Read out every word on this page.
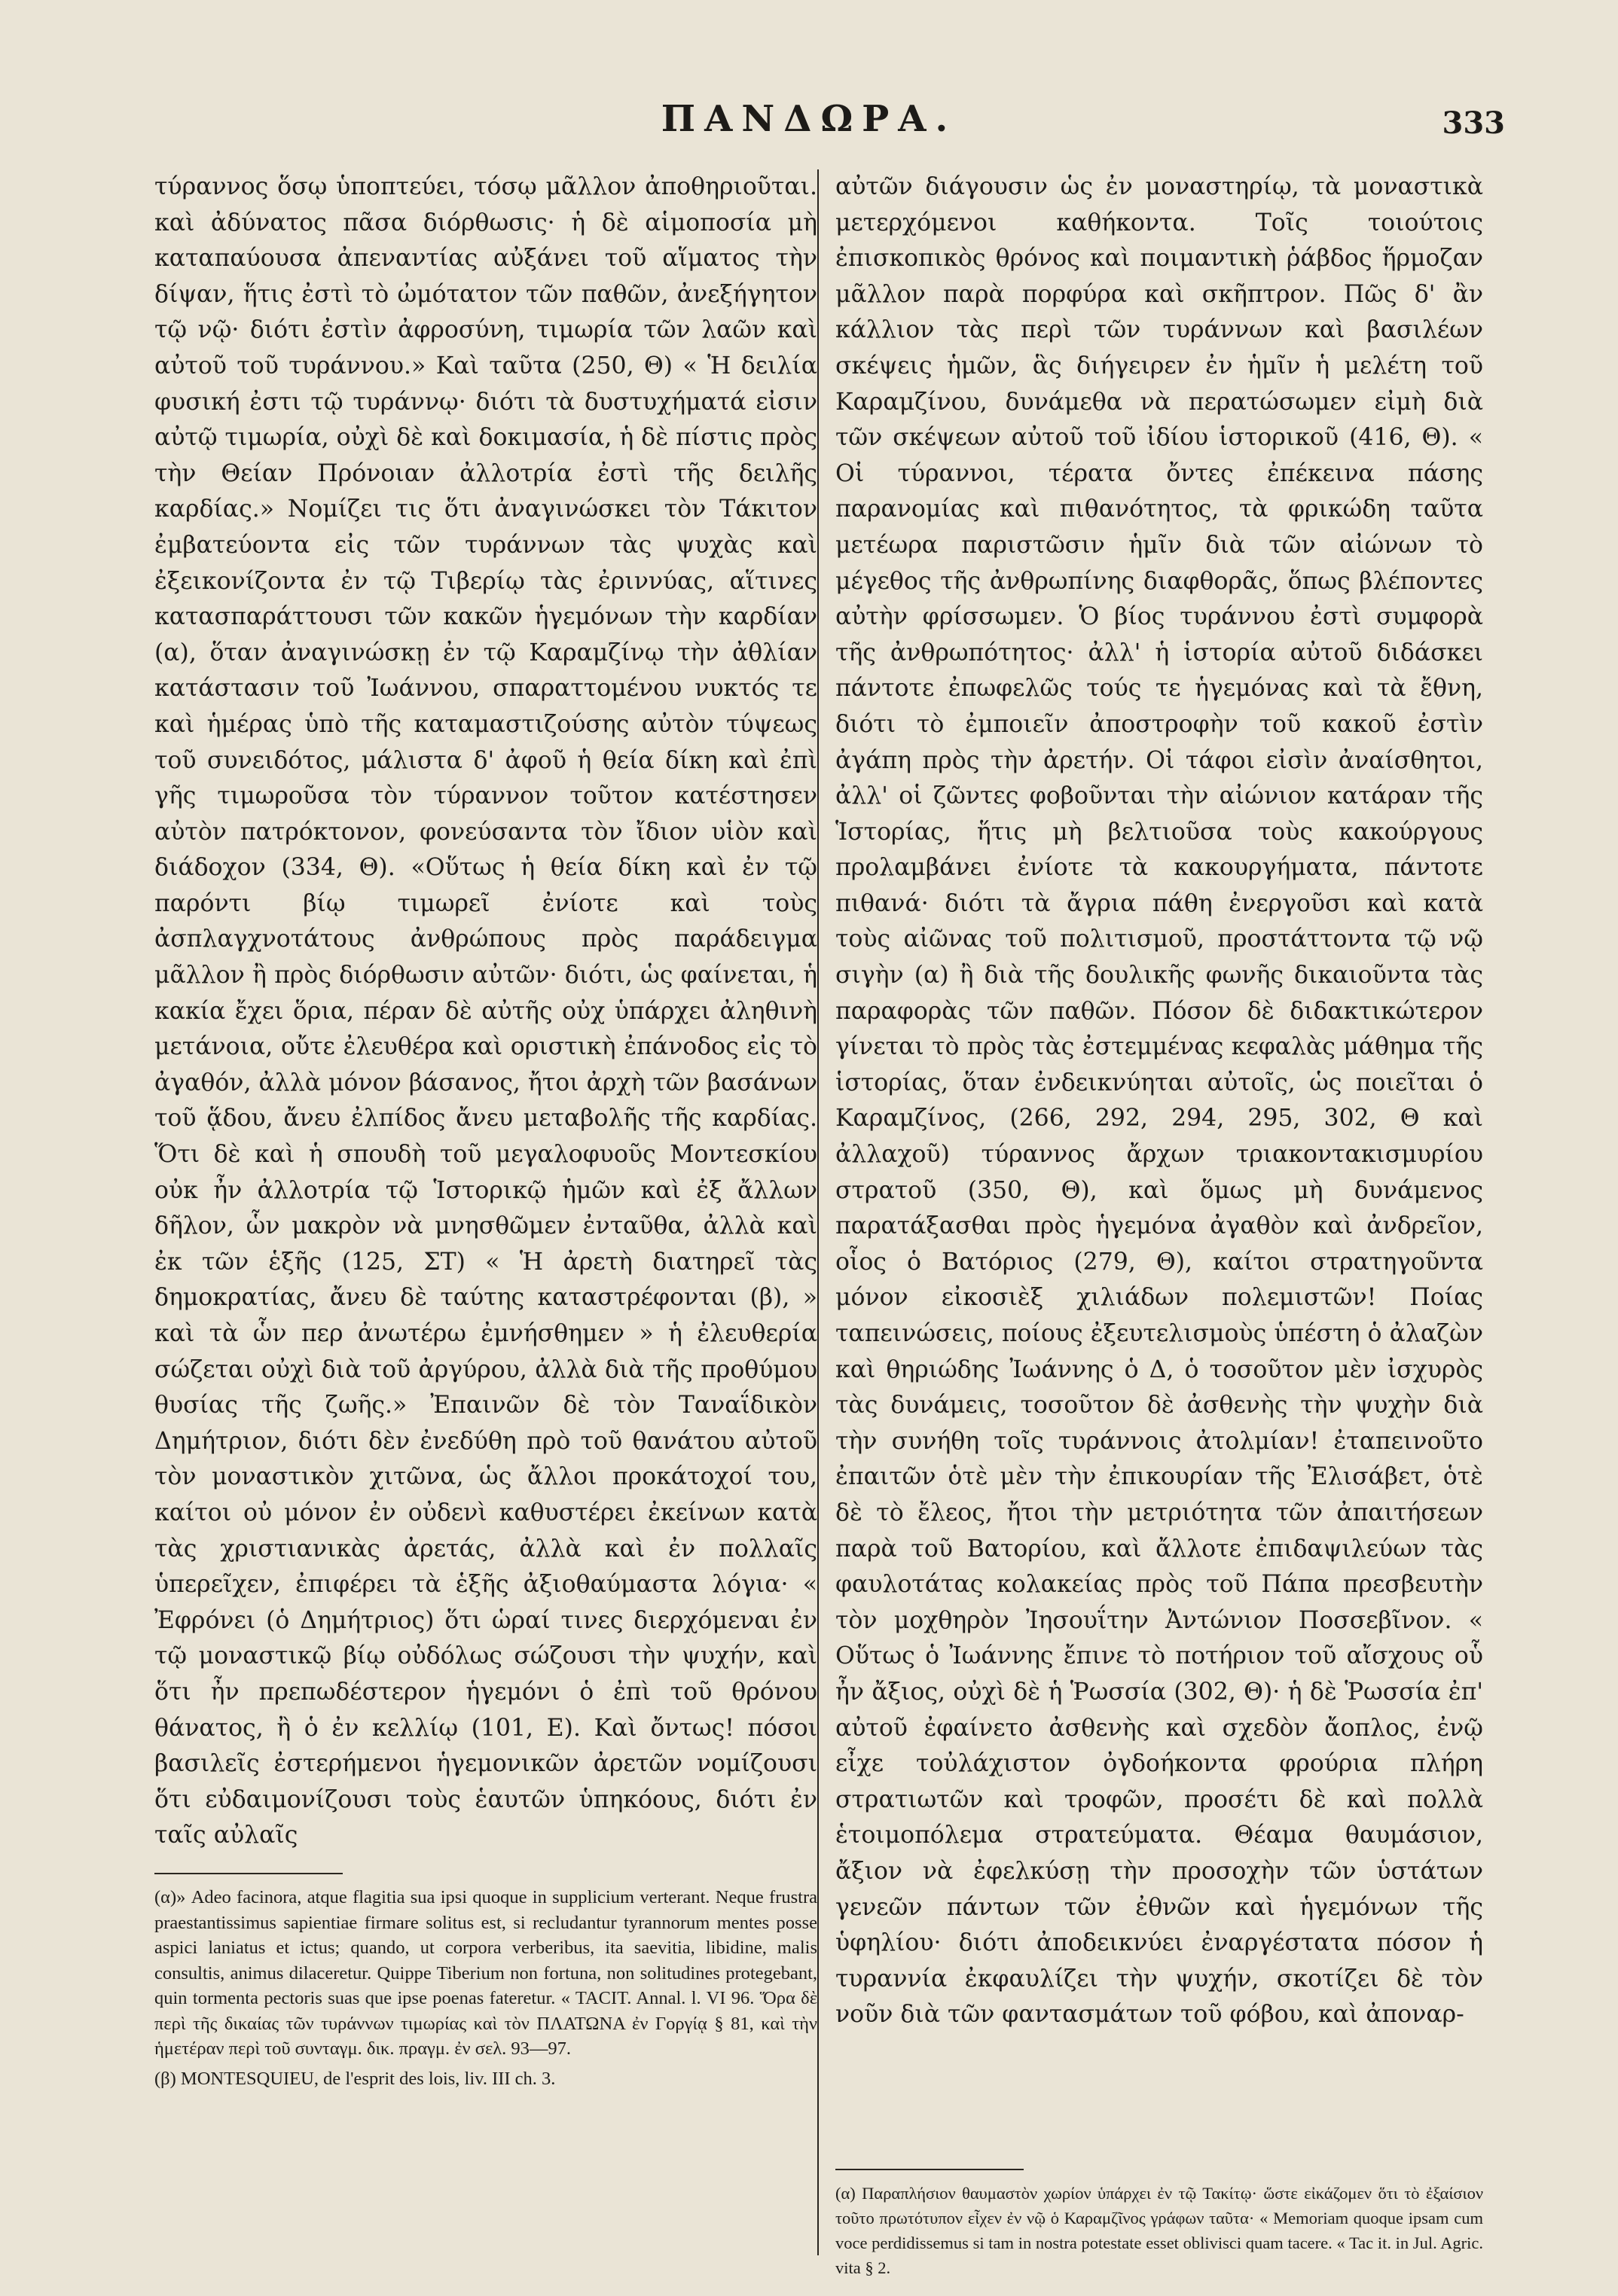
ΠΑΝΔΩΡΑ.	333

τύραννος ὅσῳ ὑποπτεύει, τόσῳ μᾶλλον ἀποθηριοῦται. καὶ ἀδύνατος πᾶσα διόρθωσις· ἡ δὲ αἱμοποσία μὴ καταπαύουσα ἀπεναντίας αὐξάνει τοῦ αἵματος τὴν δίψαν, ἥτις ἐστὶ τὸ ὠμότατον τῶν παθῶν, ἀνεξήγητον τῷ νῷ· διότι ἐστὶν ἀφροσύνη, τιμωρία τῶν λαῶν καὶ αὐτοῦ τοῦ τυράννου.» Καὶ ταῦτα (250, Θ) « Ἡ δειλία φυσική ἐστι τῷ τυράννῳ· διότι τὰ δυστυχήματά εἰσιν αὐτῷ τιμωρία, οὐχὶ δὲ καὶ δοκιμασία, ἡ δὲ πίστις πρὸς τὴν Θείαν Πρόνοιαν ἀλλοτρία ἐστὶ τῆς δειλῆς καρδίας.» Νομίζει τις ὅτι ἀναγινώσκει τὸν Τάκιτον ἐμβατεύοντα εἰς τῶν τυράννων τὰς ψυχὰς καὶ ἐξεικονίζοντα ἐν τῷ Τιβερίῳ τὰς ἐριννύας, αἵτινες κατασπαράττουσι τῶν κακῶν ἡγεμόνων τὴν καρδίαν (α), ὅταν ἀναγινώσκῃ ἐν τῷ Καραμζίνῳ τὴν ἀθλίαν κατάστασιν τοῦ Ἰωάννου, σπαραττομένου νυκτός τε καὶ ἡμέρας ὑπὸ τῆς καταμαστιζούσης αὐτὸν τύψεως τοῦ συνειδότος, μάλιστα δ' ἀφοῦ ἡ θεία δίκη καὶ ἐπὶ γῆς τιμωροῦσα τὸν τύραννον τοῦτον κατέστησεν αὐτὸν πατρόκτονον, φονεύσαντα τὸν ἴδιον υἱὸν καὶ διάδοχον (334, Θ). «Οὕτως ἡ θεία δίκη καὶ ἐν τῷ παρόντι βίῳ τιμωρεῖ ἐνίοτε καὶ τοὺς ἀσπλαγχνοτάτους ἀνθρώπους πρὸς παράδειγμα μᾶλλον ἢ πρὸς διόρθωσιν αὐτῶν· διότι, ὡς φαίνεται, ἡ κακία ἔχει ὅρια, πέραν δὲ αὐτῆς οὐχ ὑπάρχει ἀληθινὴ μετάνοια, οὔτε ἐλευθέρα καὶ οριστικὴ ἐπάνοδος εἰς τὸ ἀγαθόν, ἀλλὰ μόνον βάσανος, ἤτοι ἀρχὴ τῶν βασάνων τοῦ ᾅδου, ἄνευ ἐλπίδος ἄνευ μεταβολῆς τῆς καρδίας. Ὅτι δὲ καὶ ἡ σπουδὴ τοῦ μεγαλοφυοῦς Μοντεσκίου οὐκ ἦν ἀλλοτρία τῷ Ἱστορικῷ ἡμῶν καὶ ἐξ ἄλλων δῆλον, ὧν μακρὸν νὰ μνησθῶμεν ἐνταῦθα, ἀλλὰ καὶ ἐκ τῶν ἑξῆς (125, ΣΤ) « Ἡ ἀρετὴ διατηρεῖ τὰς δημοκρατίας, ἄνευ δὲ ταύτης καταστρέφονται (β), » καὶ τὰ ὧν περ ἀνωτέρω ἐμνήσθημεν » ἡ ἐλευθερία σώζεται οὐχὶ διὰ τοῦ ἀργύρου, ἀλλὰ διὰ τῆς προθύμου θυσίας τῆς ζωῆς.» Ἐπαινῶν δὲ τὸν Ταναΐδικὸν Δημήτριον, διότι δὲν ἐνεδύθη πρὸ τοῦ θανάτου αὐτοῦ τὸν μοναστικὸν χιτῶνα, ὡς ἄλλοι προκάτοχοί του, καίτοι οὐ μόνον ἐν οὐδενὶ καθυστέρει ἐκείνων κατὰ τὰς χριστιανικὰς ἀρετάς, ἀλλὰ καὶ ἐν πολλαῖς ὑπερεῖχεν, ἐπιφέρει τὰ ἑξῆς ἀξιοθαύμαστα λόγια· « Ἐφρόνει (ὁ Δημήτριος) ὅτι ὡραί τινες διερχόμεναι ἐν τῷ μοναστικῷ βίῳ οὐδόλως σώζουσι τὴν ψυχήν, καὶ ὅτι ἦν πρεπωδέστερον ἡγεμόνι ὁ ἐπὶ τοῦ θρόνου θάνατος, ἢ ὁ ἐν κελλίῳ (101, Ε). Καὶ ὄντως! πόσοι βασιλεῖς ἐστερήμενοι ἡγεμονικῶν ἀρετῶν νομίζουσι ὅτι εὐδαιμονίζουσι τοὺς ἑαυτῶν ὑπηκόους, διότι ἐν ταῖς αὐλαῖς

(α)» Adeo facinora, atque flagitia sua ipsi quoque in supplicium verterant. Neque frustra praestantissimus sapientiae firmare solitus est, si recludantur tyrannorum mentes posse aspici laniatus et ictus; quando, ut corpora verberibus, ita saevitia, libidine, malis consultis, animus dilaceretur. Quippe Tiberium non fortuna, non solitudines protegebant, quin tormenta pectoris suas que ipse poenas fateretur. « TACIT. Annal. l. VI 96. Ὅρα δὲ περὶ τῆς δικαίας τῶν τυράννων τιμωρίας καὶ τὸν ΠΛΑΤΩΝΑ ἐν Γοργίᾳ § 81, καὶ τὴν ἡμετέραν περὶ τοῦ συνταγμ. δικ. πραγμ. ἐν σελ. 93—97.

(β) MONTESQUIEU, de l'esprit des lois, liv. III ch. 3.

αὐτῶν διάγουσιν ὡς ἐν μοναστηρίῳ, τὰ μοναστικὰ μετερχόμενοι καθήκοντα. Τοῖς τοιούτοις ἐπισκοπικὸς θρόνος καὶ ποιμαντικὴ ῥάβδος ἥρμοζαν μᾶλλον παρὰ πορφύρα καὶ σκῆπτρον. Πῶς δ' ἂν κάλλιον τὰς περὶ τῶν τυράννων καὶ βασιλέων σκέψεις ἡμῶν, ἃς διήγειρεν ἐν ἡμῖν ἡ μελέτη τοῦ Καραμζίνου, δυνάμεθα νὰ περατώσωμεν εἰμὴ διὰ τῶν σκέψεων αὐτοῦ τοῦ ἰδίου ἱστορικοῦ (416, Θ). « Οἱ τύραννοι, τέρατα ὄντες ἐπέκεινα πάσης παρανομίας καὶ πιθανότητος, τὰ φρικώδη ταῦτα μετέωρα παριστῶσιν ἡμῖν διὰ τῶν αἰώνων τὸ μέγεθος τῆς ἀνθρωπίνης διαφθορᾶς, ὅπως βλέποντες αὐτὴν φρίσσωμεν. Ὁ βίος τυράννου ἐστὶ συμφορὰ τῆς ἀνθρωπότητος· ἀλλ' ἡ ἱστορία αὐτοῦ διδάσκει πάντοτε ἐπωφελῶς τούς τε ἡγεμόνας καὶ τὰ ἔθνη, διότι τὸ ἐμποιεῖν ἀποστροφὴν τοῦ κακοῦ ἐστὶν ἀγάπη πρὸς τὴν ἀρετήν. Οἱ τάφοι εἰσὶν ἀναίσθητοι, ἀλλ' οἱ ζῶντες φοβοῦνται τὴν αἰώνιον κατάραν τῆς Ἱστορίας, ἥτις μὴ βελτιοῦσα τοὺς κακούργους προλαμβάνει ἐνίοτε τὰ κακουργήματα, πάντοτε πιθανά· διότι τὰ ἄγρια πάθη ἐνεργοῦσι καὶ κατὰ τοὺς αἰῶνας τοῦ πολιτισμοῦ, προστάττοντα τῷ νῷ σιγὴν (α) ἢ διὰ τῆς δουλικῆς φωνῆς δικαιοῦντα τὰς παραφορὰς τῶν παθῶν. Πόσον δὲ διδακτικώτερον γίνεται τὸ πρὸς τὰς ἐστεμμένας κεφαλὰς μάθημα τῆς ἱστορίας, ὅταν ἐνδεικνύηται αὐτοῖς, ὡς ποιεῖται ὁ Καραμζίνος, (266, 292, 294, 295, 302, Θ καὶ ἀλλαχοῦ) τύραννος ἄρχων τριακοντακισμυρίου στρατοῦ (350, Θ), καὶ ὅμως μὴ δυνάμενος παρατάξασθαι πρὸς ἡγεμόνα ἀγαθὸν καὶ ἀνδρεῖον, οἷος ὁ Βατόριος (279, Θ), καίτοι στρατηγοῦντα μόνον εἰκοσιὲξ χιλιάδων πολεμιστῶν! Ποίας ταπεινώσεις, ποίους ἐξευτελισμοὺς ὑπέστη ὁ ἀλαζὼν καὶ θηριώδης Ἰωάννης ὁ Δ, ὁ τοσοῦτον μὲν ἰσχυρὸς τὰς δυνάμεις, τοσοῦτον δὲ ἀσθενὴς τὴν ψυχὴν διὰ τὴν συνήθη τοῖς τυράννοις ἀτολμίαν! ἐταπεινοῦτο ἐπαιτῶν ὁτὲ μὲν τὴν ἐπικουρίαν τῆς Ἐλισάβετ, ὁτὲ δὲ τὸ ἔλεος, ἤτοι τὴν μετριότητα τῶν ἀπαιτήσεων παρὰ τοῦ Βατορίου, καὶ ἄλλοτε ἐπιδαψιλεύων τὰς φαυλοτάτας κολακείας πρὸς τοῦ Πάπα πρεσβευτὴν τὸν μοχθηρὸν Ἰησουΐτην Ἀντώνιον Ποσσεβῖνον. « Οὕτως ὁ Ἰωάννης ἔπινε τὸ ποτήριον τοῦ αἴσχους οὗ ἦν ἄξιος, οὐχὶ δὲ ἡ Ῥωσσία (302, Θ)· ἡ δὲ Ῥωσσία ἐπ' αὐτοῦ ἐφαίνετο ἀσθενὴς καὶ σχεδὸν ἄοπλος, ἐνῷ εἶχε τοὐλάχιστον ὀγδοήκοντα φρούρια πλήρη στρατιωτῶν καὶ τροφῶν, προσέτι δὲ καὶ πολλὰ ἑτοιμοπόλεμα στρατεύματα. Θέαμα θαυμάσιον, ἄξιον νὰ ἐφελκύσῃ τὴν προσοχὴν τῶν ὑστάτων γενεῶν πάντων τῶν ἐθνῶν καὶ ἡγεμόνων τῆς ὑφηλίου· διότι ἀποδεικνύει ἐναργέστατα πόσον ἡ τυραννία ἐκφαυλίζει τὴν ψυχήν, σκοτίζει δὲ τὸν νοῦν διὰ τῶν φαντασμάτων τοῦ φόβου, καὶ ἀποναρ-

(α) Παραπλήσιον θαυμαστὸν χωρίον ὑπάρχει ἐν τῷ Τακίτῳ· ὥστε εἰκάζομεν ὅτι τὸ ἐξαίσιον τοῦτο πρωτότυπον εἶχεν ἐν νῷ ὁ Καραμζῖνος γράφων ταῦτα· « Memoriam quoque ipsam cum voce perdidissemus si tam in nostra potestate esset oblivisci quam tacere. « Tac it. in Jul. Agric. vita § 2.
